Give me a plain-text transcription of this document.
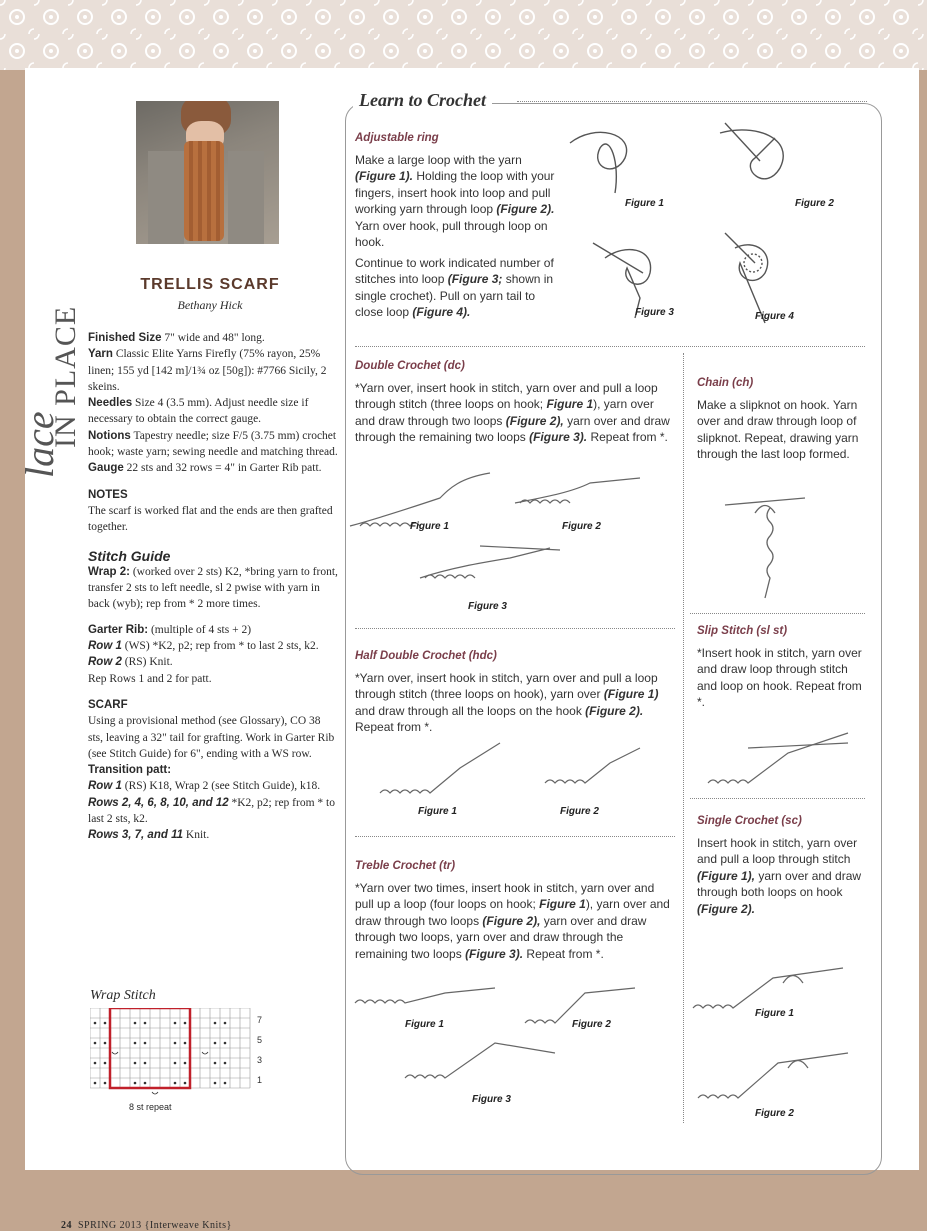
IN PLACE
lace
TRELLIS SCARF
Bethany Hick

Finished Size 7" wide and 48" long.

Yarn Classic Elite Yarns Firefly (75% rayon, 25% linen; 155 yd [142 m]/1¾ oz [50g]): #7766 Sicily, 2 skeins.

Needles Size 4 (3.5 mm). Adjust needle size if necessary to obtain the correct gauge.

Notions Tapestry needle; size F/5 (3.75 mm) crochet hook; waste yarn; sewing needle and matching thread.

Gauge 22 sts and 32 rows = 4" in Garter Rib patt.

NOTES

The scarf is worked flat and the ends are then grafted together.

Stitch Guide

Wrap 2: (worked over 2 sts) K2, *bring yarn to front, transfer 2 sts to left needle, sl 2 pwise with yarn in back (wyb); rep from * 2 more times.

Garter Rib: (multiple of 4 sts + 2)

Row 1 (WS) *K2, p2; rep from * to last 2 sts, k2.

Row 2 (RS) Knit.

Rep Rows 1 and 2 for patt.

SCARF

Using a provisional method (see Glossary), CO 38 sts, leaving a 32" tail for grafting. Work in Garter Rib (see Stitch Guide) for 6", ending with a WS row. Transition patt:

Row 1 (RS) K18, Wrap 2 (see Stitch Guide), k18.

Rows 2, 4, 6, 8, 10, and 12 *K2, p2; rep from * to last 2 sts, k2.

Rows 3, 7, and 11 Knit.

Wrap Stitch
7
5
3
1
8 st repeat
24 SPRING 2013 {Interweave Knits}
Learn to Crochet
Adjustable ring
Make a large loop with the yarn (Figure 1). Holding the loop with your fingers, insert hook into loop and pull working yarn through loop (Figure 2). Yarn over hook, pull through loop on hook.
Continue to work indicated number of stitches into loop (Figure 3; shown in single crochet). Pull on yarn tail to close loop (Figure 4).
Figure 1	Figure 2
Figure 3	Figure 4
Double Crochet (dc)
*Yarn over, insert hook in stitch, yarn over and pull a loop through stitch (three loops on hook; Figure 1), yarn over and draw through two loops (Figure 2), yarn over and draw through the remaining two loops (Figure 3). Repeat from *.
Figure 1	Figure 2
Figure 3
Half Double Crochet (hdc)
*Yarn over, insert hook in stitch, yarn over and pull a loop through stitch (three loops on hook), yarn over (Figure 1) and draw through all the loops on the hook (Figure 2). Repeat from *.
Figure 1	Figure 2
Treble Crochet (tr)
*Yarn over two times, insert hook in stitch, yarn over and pull up a loop (four loops on hook; Figure 1), yarn over and draw through two loops (Figure 2), yarn over and draw through two loops, yarn over and draw through the remaining two loops (Figure 3). Repeat from *.
Figure 1	Figure 2
Figure 3
Chain (ch)
Make a slipknot on hook. Yarn over and draw through loop of slipknot. Repeat, drawing yarn through the last loop formed.
Slip Stitch (sl st)
*Insert hook in stitch, yarn over and draw loop through stitch and loop on hook. Repeat from *.
Single Crochet (sc)
Insert hook in stitch, yarn over and pull a loop through stitch (Figure 1), yarn over and draw through both loops on hook (Figure 2).
Figure 1
Figure 2
